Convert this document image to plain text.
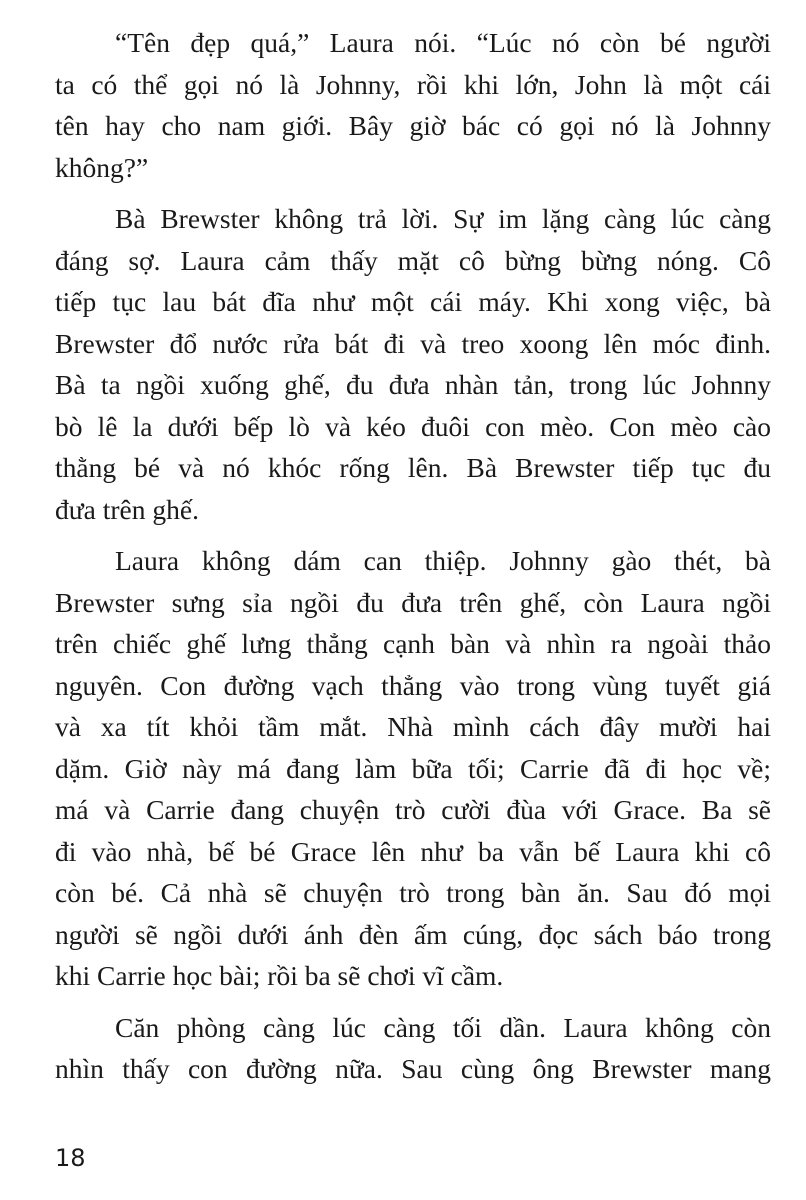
“Tên đẹp quá,” Laura nói. “Lúc nó còn bé người
ta có thể gọi nó là Johnny, rồi khi lớn, John là một cái
tên hay cho nam giới. Bây giờ bác có gọi nó là Johnny
không?”
Bà Brewster không trả lời. Sự im lặng càng lúc càng
đáng sợ. Laura cảm thấy mặt cô bừng bừng nóng. Cô
tiếp tục lau bát đĩa như một cái máy. Khi xong việc, bà
Brewster đổ nước rửa bát đi và treo xoong lên móc đinh.
Bà ta ngồi xuống ghế, đu đưa nhàn tản, trong lúc Johnny
bò lê la dưới bếp lò và kéo đuôi con mèo. Con mèo cào
thằng bé và nó khóc rống lên. Bà Brewster tiếp tục đu
đưa trên ghế.
Laura không dám can thiệp. Johnny gào thét, bà
Brewster sưng sỉa ngồi đu đưa trên ghế, còn Laura ngồi
trên chiếc ghế lưng thẳng cạnh bàn và nhìn ra ngoài thảo
nguyên. Con đường vạch thẳng vào trong vùng tuyết giá
và xa tít khỏi tầm mắt. Nhà mình cách đây mười hai
dặm. Giờ này má đang làm bữa tối; Carrie đã đi học về;
má và Carrie đang chuyện trò cười đùa với Grace. Ba sẽ
đi vào nhà, bế bé Grace lên như ba vẫn bế Laura khi cô
còn bé. Cả nhà sẽ chuyện trò trong bàn ăn. Sau đó mọi
người sẽ ngồi dưới ánh đèn ấm cúng, đọc sách báo trong
khi Carrie học bài; rồi ba sẽ chơi vĩ cầm.
Căn phòng càng lúc càng tối dần. Laura không còn
nhìn thấy con đường nữa. Sau cùng ông Brewster mang
18
